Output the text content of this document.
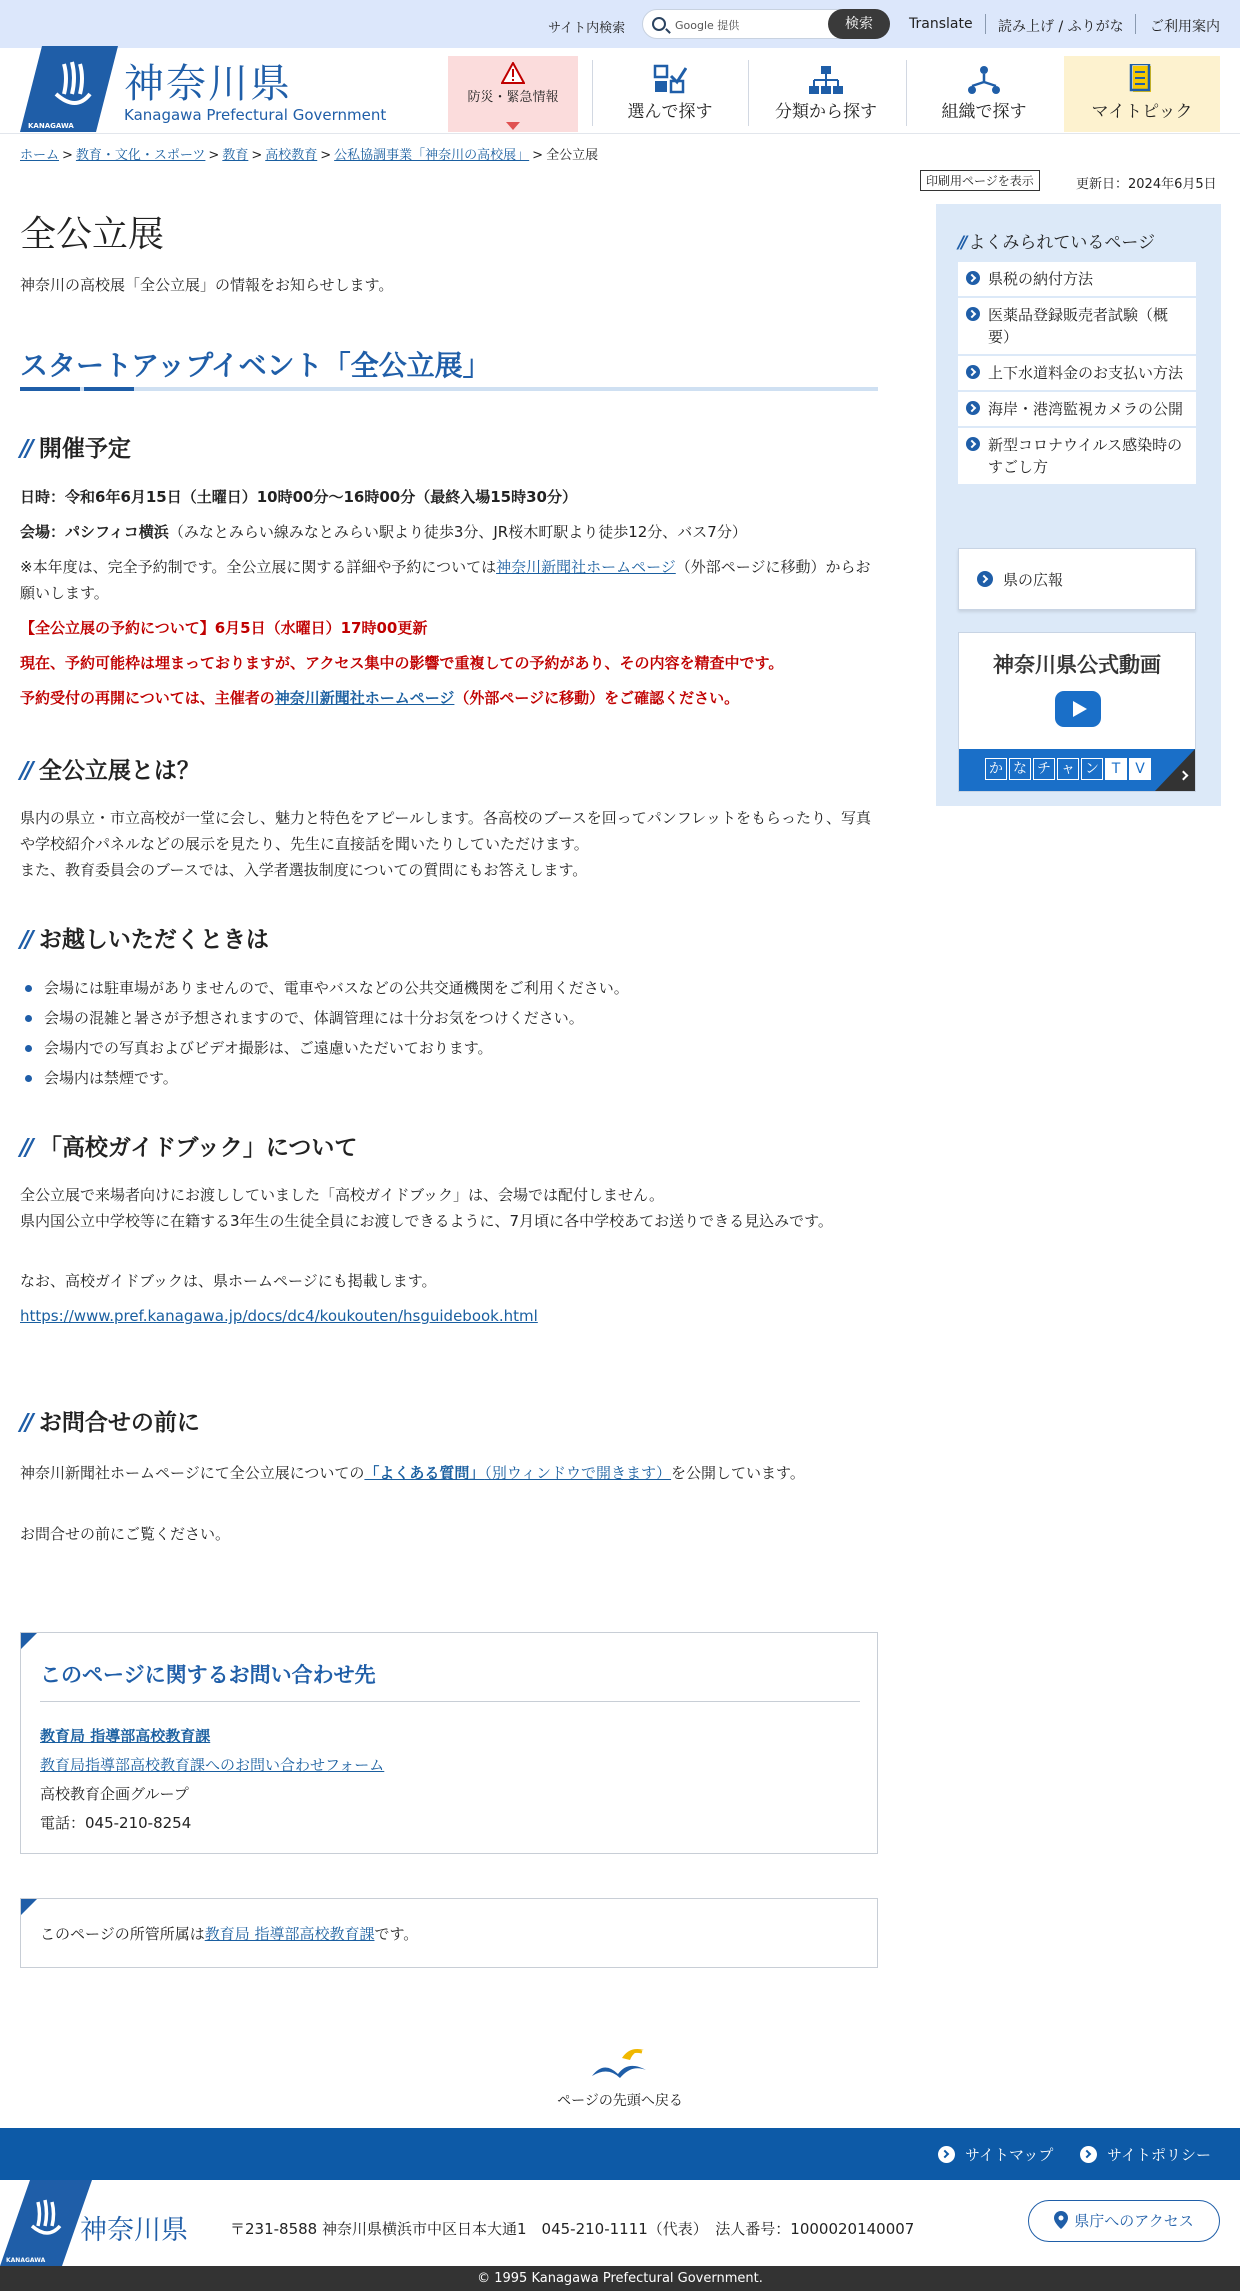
サイト内検索	Google 提供	検索	Translate 読み上げ / ふりがな ご利用案内
KANAGAWA
神奈川県
Kanagawa Prefectural Government
防災・緊急情報
選んで探す	分類から探す	組織で探す	マイトピック
ホーム > 教育・文化・スポーツ > 教育 > 高校教育 > 公私協調事業「神奈川の高校展」 > 全公立展
印刷用ページを表示	更新日：2024年6月5日
全公立展

神奈川の高校展「全公立展」の情報をお知らせします。

スタートアップイベント「全公立展」
// 開催予定

日時：令和6年6月15日（土曜日）10時00分～16時00分（最終入場15時30分）

会場：パシフィコ横浜（みなとみらい線みなとみらい駅より徒歩3分、JR桜木町駅より徒歩12分、バス7分）

※本年度は、完全予約制です。全公立展に関する詳細や予約については神奈川新聞社ホームページ（外部ページに移動）からお願いします。

【全公立展の予約について】6月5日（水曜日）17時00更新

現在、予約可能枠は埋まっておりますが、アクセス集中の影響で重複しての予約があり、その内容を精査中です。

予約受付の再開については、主催者の神奈川新聞社ホームページ（外部ページに移動）をご確認ください。

// 全公立展とは？

県内の県立・市立高校が一堂に会し、魅力と特色をアピールします。各高校のブースを回ってパンフレットをもらったり、写真や学校紹介パネルなどの展示を見たり、先生に直接話を聞いたりしていただけます。

また、教育委員会のブースでは、入学者選抜制度についての質問にもお答えします。

// お越しいただくときは
会場には駐車場がありませんので、電車やバスなどの公共交通機関をご利用ください。
会場の混雑と暑さが予想されますので、体調管理には十分お気をつけください。
会場内での写真およびビデオ撮影は、ご遠慮いただいております。
会場内は禁煙です。
// 「高校ガイドブック」について

全公立展で来場者向けにお渡ししていました「高校ガイドブック」は、会場では配付しません。

県内国公立中学校等に在籍する3年生の生徒全員にお渡しできるように、7月頃に各中学校あてお送りできる見込みです。

なお、高校ガイドブックは、県ホームページにも掲載します。

https://www.pref.kanagawa.jp/docs/dc4/koukouten/hsguidebook.html

// お問合せの前に

神奈川新聞社ホームページにて全公立展についての「よくある質問」（別ウィンドウで開きます）を公開しています。

お問合せの前にご覧ください。

このページに関するお問い合わせ先
教育局 指導部高校教育課
教育局指導部高校教育課へのお問い合わせフォーム
高校教育企画グループ
電話：045-210-8254
このページの所管所属は教育局 指導部高校教育課です。
// よくみられているページ
県税の納付方法
医薬品登録販売者試験（概要）
上下水道料金のお支払い方法
海岸・港湾監視カメラの公開
新型コロナウイルス感染時のすごし方
県の広報
神奈川県公式動画
か な チ ャ ン T V
ページの先頭へ戻る
サイトマップ	サイトポリシー
KANAGAWA
神奈川県	〒231-8588 神奈川県横浜市中区日本大通1　045-210-1111（代表）　法人番号：1000020140007	県庁へのアクセス
© 1995 Kanagawa Prefectural Government.
